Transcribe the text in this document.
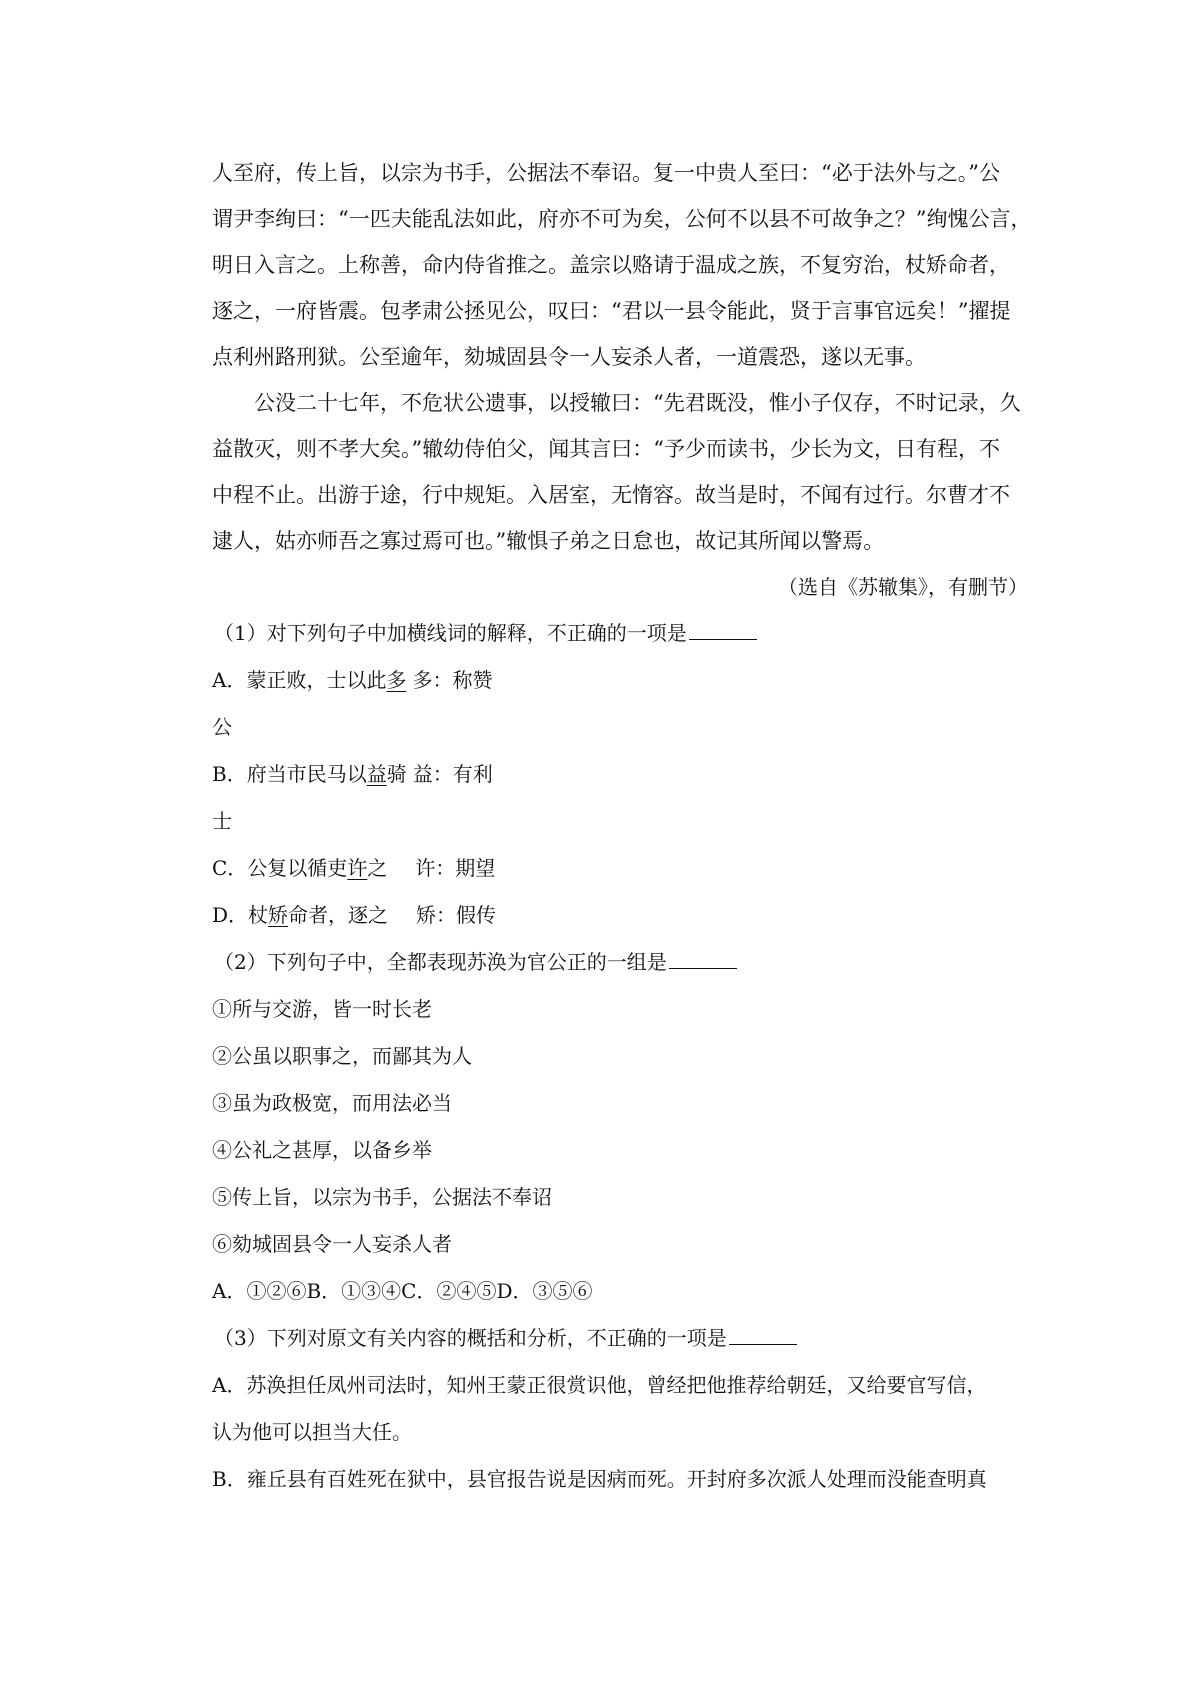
人至府，传上旨，以宗为书手，公据法不奉诏。复一中贵人至曰：“必于法外与之。”公
谓尹李绚曰：“一匹夫能乱法如此，府亦不可为矣，公何不以县不可故争之？”绚愧公言，
明日入言之。上称善，命内侍省推之。盖宗以赂请于温成之族，不复穷治，杖矫命者，
逐之，一府皆震。包孝肃公拯见公，叹曰：“君以一县令能此，贤于言事官远矣！”擢提
点利州路刑狱。公至逾年，劾城固县令一人妄杀人者，一道震恐，遂以无事。
公没二十七年，不危状公遗事，以授辙曰：“先君既没，惟小子仅存，不时记录，久
益散灭，则不孝大矣。”辙幼侍伯父，闻其言曰：“予少而读书，少长为文，日有程，不
中程不止。出游于途，行中规矩。入居室，无惰容。故当是时，不闻有过行。尔曹才不
逮人，姑亦师吾之寡过焉可也。”辙惧子弟之日怠也，故记其所闻以警焉。
（选自《苏辙集》，有删节）
（1）对下列句子中加横线词的解释，不正确的一项是
A．蒙正败，士以此多 多：称赞
公
B．府当市民马以益骑 益：有利
士
C．公复以循吏许之 许：期望
D．杖矫命者，逐之 矫：假传
（2）下列句子中，全都表现苏涣为官公正的一组是
①所与交游，皆一时长老
②公虽以职事之，而鄙其为人
③虽为政极宽，而用法必当
④公礼之甚厚，以备乡举
⑤传上旨，以宗为书手，公据法不奉诏
⑥劾城固县令一人妄杀人者
A．①②⑥B．①③④C．②④⑤D．③⑤⑥
（3）下列对原文有关内容的概括和分析，不正确的一项是
A．苏涣担任凤州司法时，知州王蒙正很赏识他，曾经把他推荐给朝廷，又给要官写信，
认为他可以担当大任。
B．雍丘县有百姓死在狱中，县官报告说是因病而死。开封府多次派人处理而没能查明真
